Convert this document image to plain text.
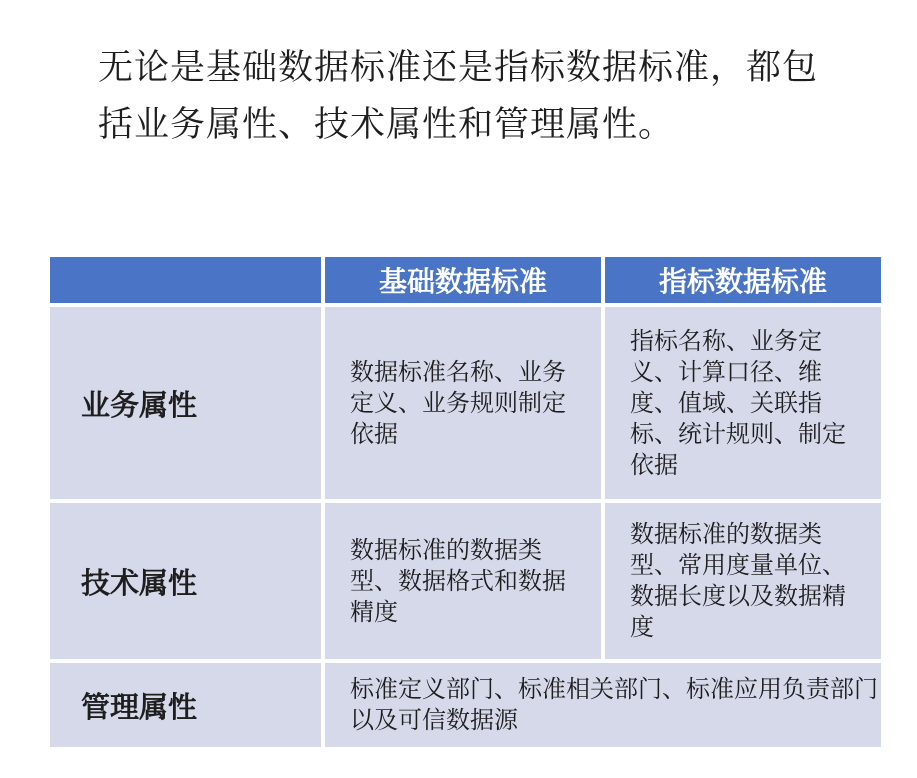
无论是基础数据标准还是指标数据标准，都包
括业务属性、技术属性和管理属性。
基础数据标准	指标数据标准
业务属性
数据标准名称、业务定义、业务规则制定依据
指标名称、业务定义、计算口径、维度、值域、关联指标、统计规则、制定依据
技术属性
数据标准的数据类型、数据格式和数据精度
数据标准的数据类型、常用度量单位、数据长度以及数据精度
管理属性
标准定义部门、标准相关部门、标准应用负责部门以及可信数据源
